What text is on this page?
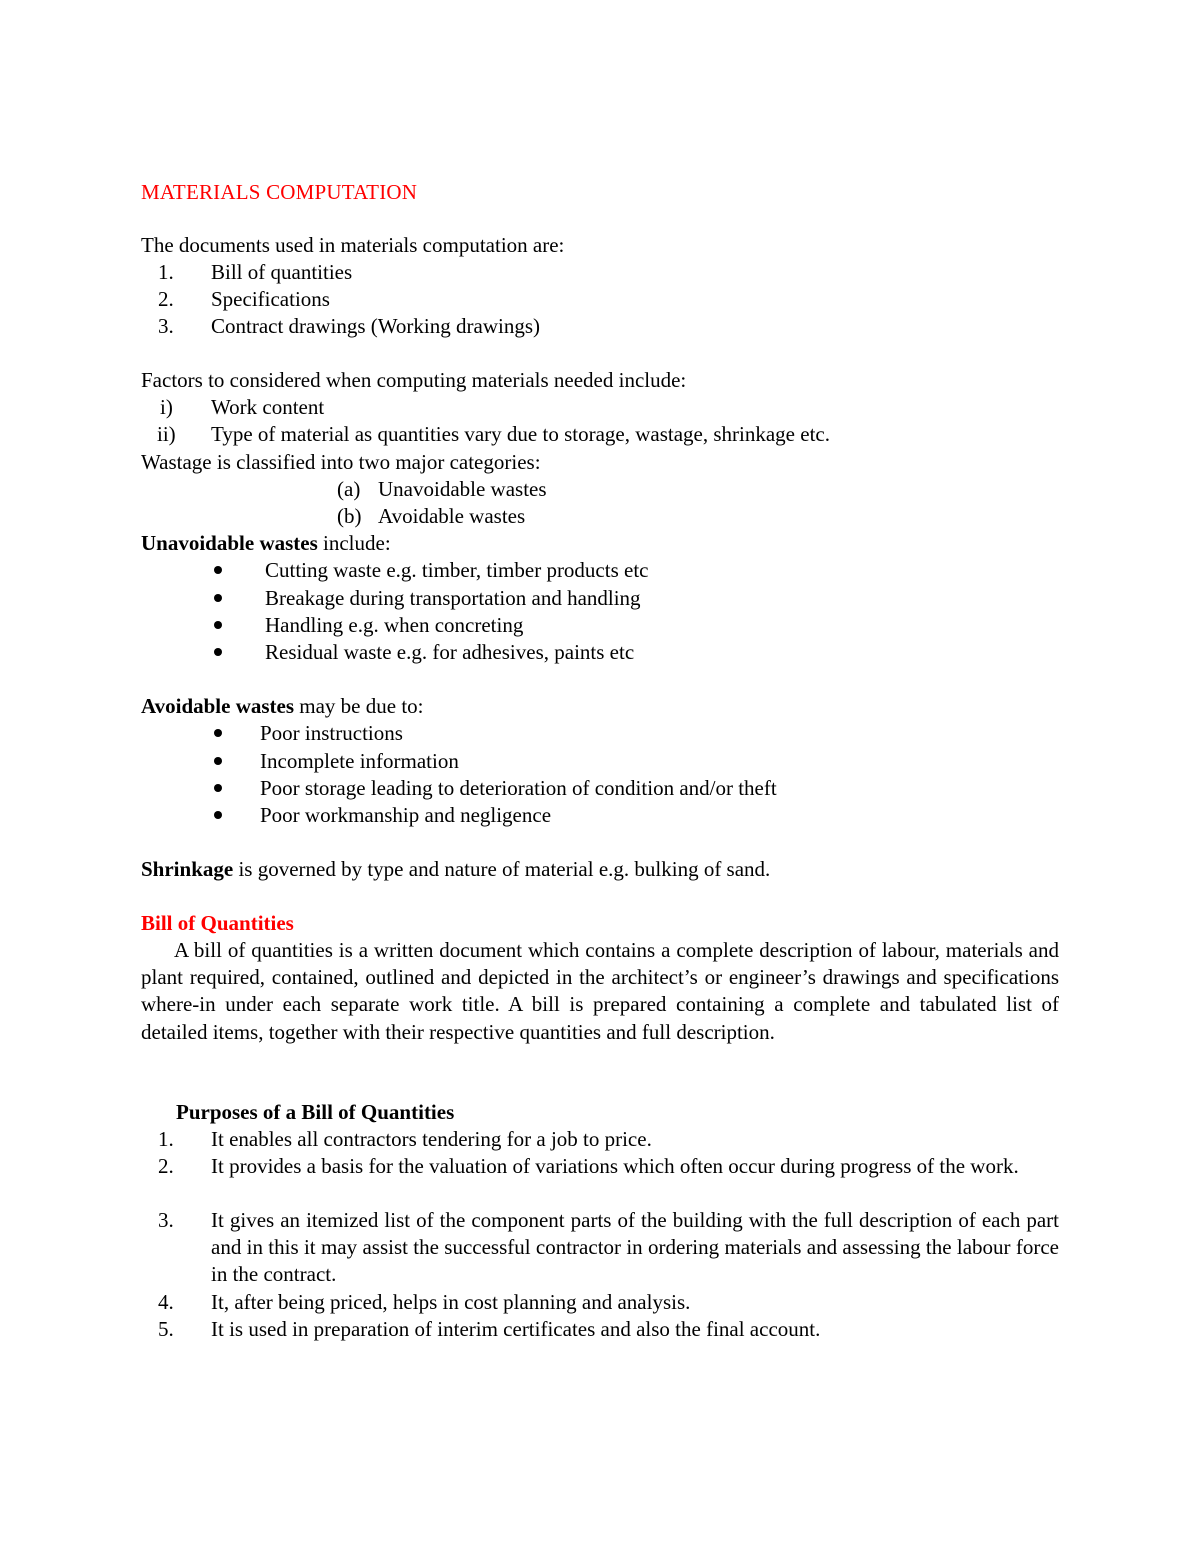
MATERIALS COMPUTATION
The documents used in materials computation are:
1. Bill of quantities
2. Specifications
3. Contract drawings (Working drawings)
Factors to considered when computing materials needed include:
i) Work content
ii) Type of material as quantities vary due to storage, wastage, shrinkage etc.
Wastage is classified into two major categories:
(a) Unavoidable wastes
(b) Avoidable wastes
Unavoidable wastes include:
Cutting waste e.g. timber, timber products etc
Breakage during transportation and handling
Handling e.g. when concreting
Residual waste e.g. for adhesives, paints etc
Avoidable wastes may be due to:
Poor instructions
Incomplete information
Poor storage leading to deterioration of condition and/or theft
Poor workmanship and negligence
Shrinkage is governed by type and nature of material e.g. bulking of sand.
Bill of Quantities
A bill of quantities is a written document which contains a complete description of labour, materials and plant required, contained, outlined and depicted in the architect’s or engineer’s drawings and specifications where-in under each separate work title. A bill is prepared containing a complete and tabulated list of detailed items, together with their respective quantities and full description.
Purposes of a Bill of Quantities
1. It enables all contractors tendering for a job to price.
2. It provides a basis for the valuation of variations which often occur during progress of the work.
3. It gives an itemized list of the component parts of the building with the full description of each part and in this it may assist the successful contractor in ordering materials and assessing the labour force in the contract.
4. It, after being priced, helps in cost planning and analysis.
5. It is used in preparation of interim certificates and also the final account.
